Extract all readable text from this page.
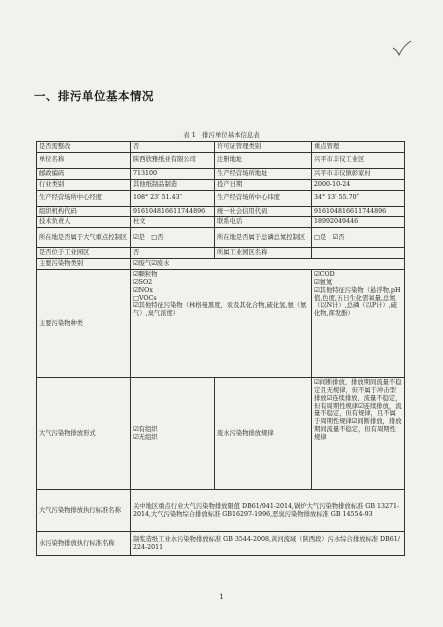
一、排污单位基本情况
表 1　排污单位基本信息表
是否需整改	否	许可证管理类别	重点管理
单位名称	陕西欣雅纸业有限公司	注册地址	兴平市丰仪工业区
邮政编码	713100	生产经营场所地址	兴平市丰仪镇彰家村
行业类别	其他纸制品制造	投产日期	2000-10-24
生产经营场所中心经度	108° 23′ 51.43″	生产经营场所中心纬度	34° 13′ 55.70″
组织机构代码	916104816611744896	统一社会信用代码	916104816611744896
技术负责人	杜文	联系电话	18992049446
所在地是否属于大气重点控制区	☑是　□否	所在地是否属于总磷总氮控制区	□是　☑否
是否位于工业园区	否	所属工业园区名称	
主要污染物类别	☑废气☑废水		
主要污染物种类	☑颗粒物
☑SO2
☑NOx
□VOCs
☑其他特征污染物（林格曼黑度，汞及其化合物,硫化氢,氨（氨气）,臭气浓度）		☑COD
☑氨氮
☑其他特征污染物（悬浮物,pH值,色度,五日生化需氧量,总氮（以N计）,总磷（以P计）,硫化物,挥发酚）

大气污染物排放形式	☑有组织
☑无组织	废水污染物排放规律	☑间断排放，排放期间流量不稳定且无规律，但不属于冲击型排放☑连续排放，流量不稳定，但有周期性规律☑连续排放，流量不稳定，但有规律，且不属于周期性规律☑间断排放，排放期间流量不稳定，但有周期性规律
大气污染物排放执行标准名称	关中地区重点行业大气污染物排放限值 DB61/941-2014,锅炉大气污染物排放标准 GB 13271-2014,大气污染物综合排放标准 GB16297-1996,恶臭污染物排放标准 GB 14554-93		
水污染物排放执行标准名称	制浆造纸工业水污染物排放标准 GB 3544-2008,黄河流域（陕西段）污水综合排放标准 DB61/ 224-2011		
1
